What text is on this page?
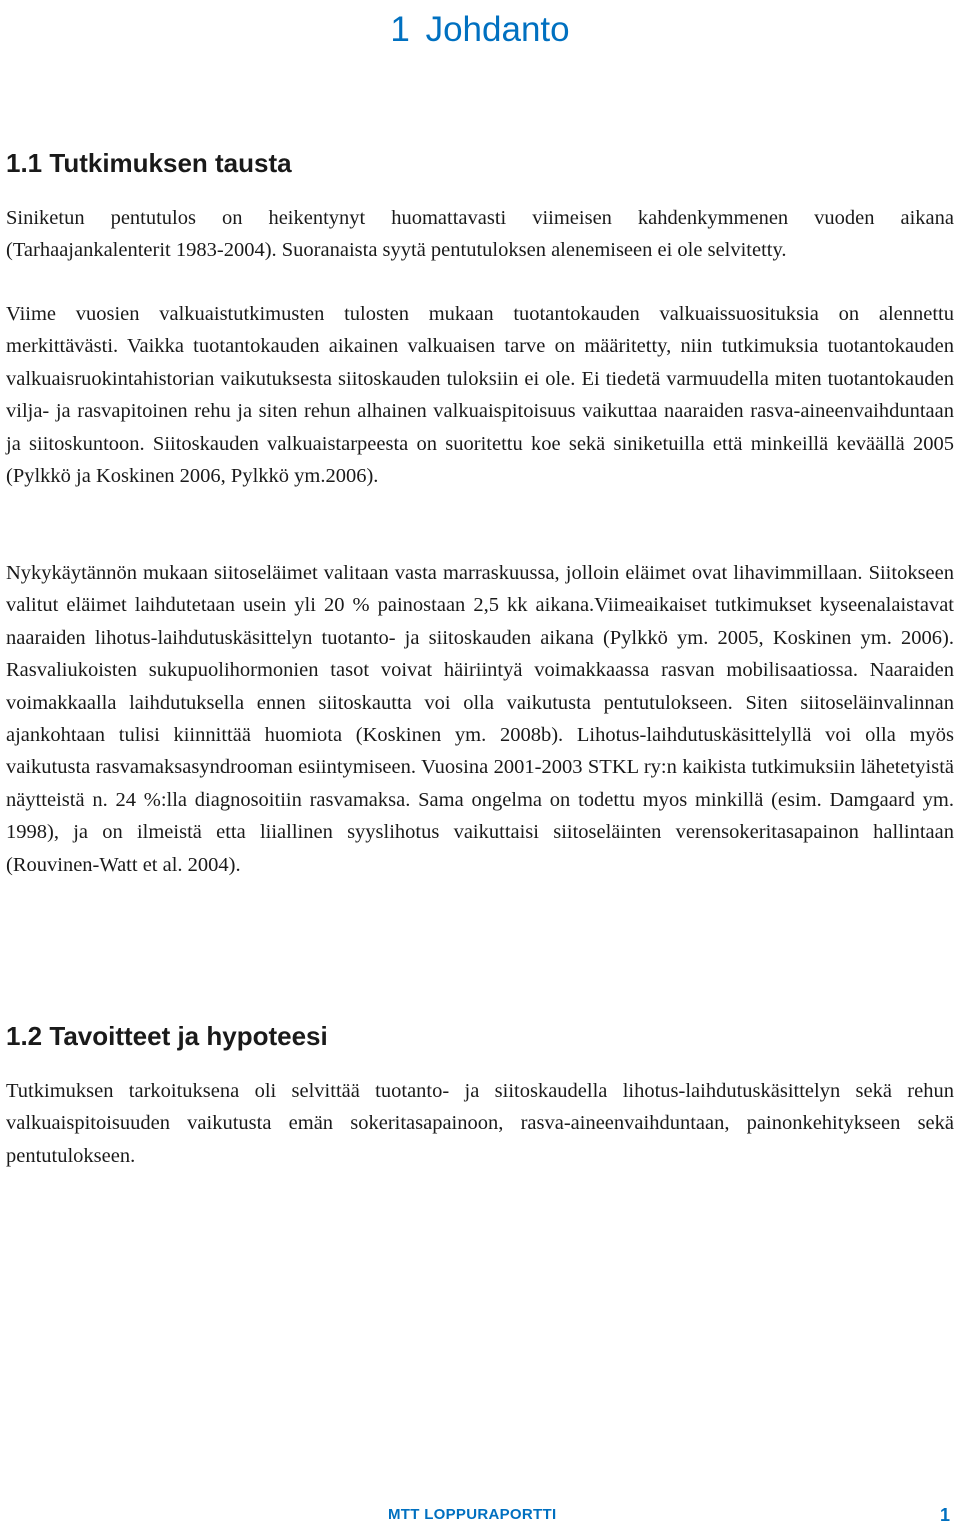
1 Johdanto
1.1 Tutkimuksen tausta

Siniketun pentutulos on heikentynyt huomattavasti viimeisen kahdenkymmenen vuoden aikana (Tarhaajankalenterit 1983-2004). Suoranaista syytä pentutuloksen alenemiseen ei ole selvitetty.

Viime vuosien valkuaistutkimusten tulosten mukaan tuotantokauden valkuaissuosituksia on alennettu merkittävästi. Vaikka tuotantokauden aikainen valkuaisen tarve on määritetty, niin tutkimuksia tuotantokauden valkuaisruokintahistorian vaikutuksesta siitoskauden tuloksiin ei ole. Ei tiedetä varmuudella miten tuotantokauden vilja- ja rasvapitoinen rehu ja siten rehun alhainen valkuaispitoisuus vaikuttaa naaraiden rasva-aineenvaihduntaan ja siitoskuntoon. Siitoskauden valkuaistarpeesta on suoritettu koe sekä siniketuilla että minkeillä keväällä 2005 (Pylkkö ja Koskinen 2006, Pylkkö ym.2006).

Nykykäytännön mukaan siitoseläimet valitaan vasta marraskuussa, jolloin eläimet ovat lihavimmillaan. Siitokseen valitut eläimet laihdutetaan usein yli 20 % painostaan 2,5 kk aikana.Viimeaikaiset tutkimukset kyseenalaistavat naaraiden lihotus-laihdutuskäsittelyn tuotanto- ja siitoskauden aikana (Pylkkö ym. 2005, Koskinen ym. 2006). Rasvaliukoisten sukupuolihormonien tasot voivat häiriintyä voimakkaassa rasvan mobilisaatiossa. Naaraiden voimakkaalla laihdutuksella ennen siitoskautta voi olla vaikutusta pentutulokseen. Siten siitoseläinvalinnan ajankohtaan tulisi kiinnittää huomiota (Koskinen ym. 2008b). Lihotus-laihdutuskäsittelyllä voi olla myös vaikutusta rasvamaksasyndrooman esiintymiseen. Vuosina 2001-2003 STKL ry:n kaikista tutkimuksiin lähetetyistä näytteistä n. 24 %:lla diagnosoitiin rasvamaksa. Sama ongelma on todettu myos minkillä (esim. Damgaard ym. 1998), ja on ilmeistä etta liiallinen syyslihotus vaikuttaisi siitoseläinten verensokeritasapainon hallintaan (Rouvinen-Watt et al. 2004).

1.2 Tavoitteet ja hypoteesi

Tutkimuksen tarkoituksena oli selvittää tuotanto- ja siitoskaudella lihotus-laihdutuskäsittelyn sekä rehun valkuaispitoisuuden vaikutusta emän sokeritasapainoon, rasva-aineenvaihduntaan, painonkehitykseen sekä pentutulokseen.

MTT LOPPURAPORTTI	1
